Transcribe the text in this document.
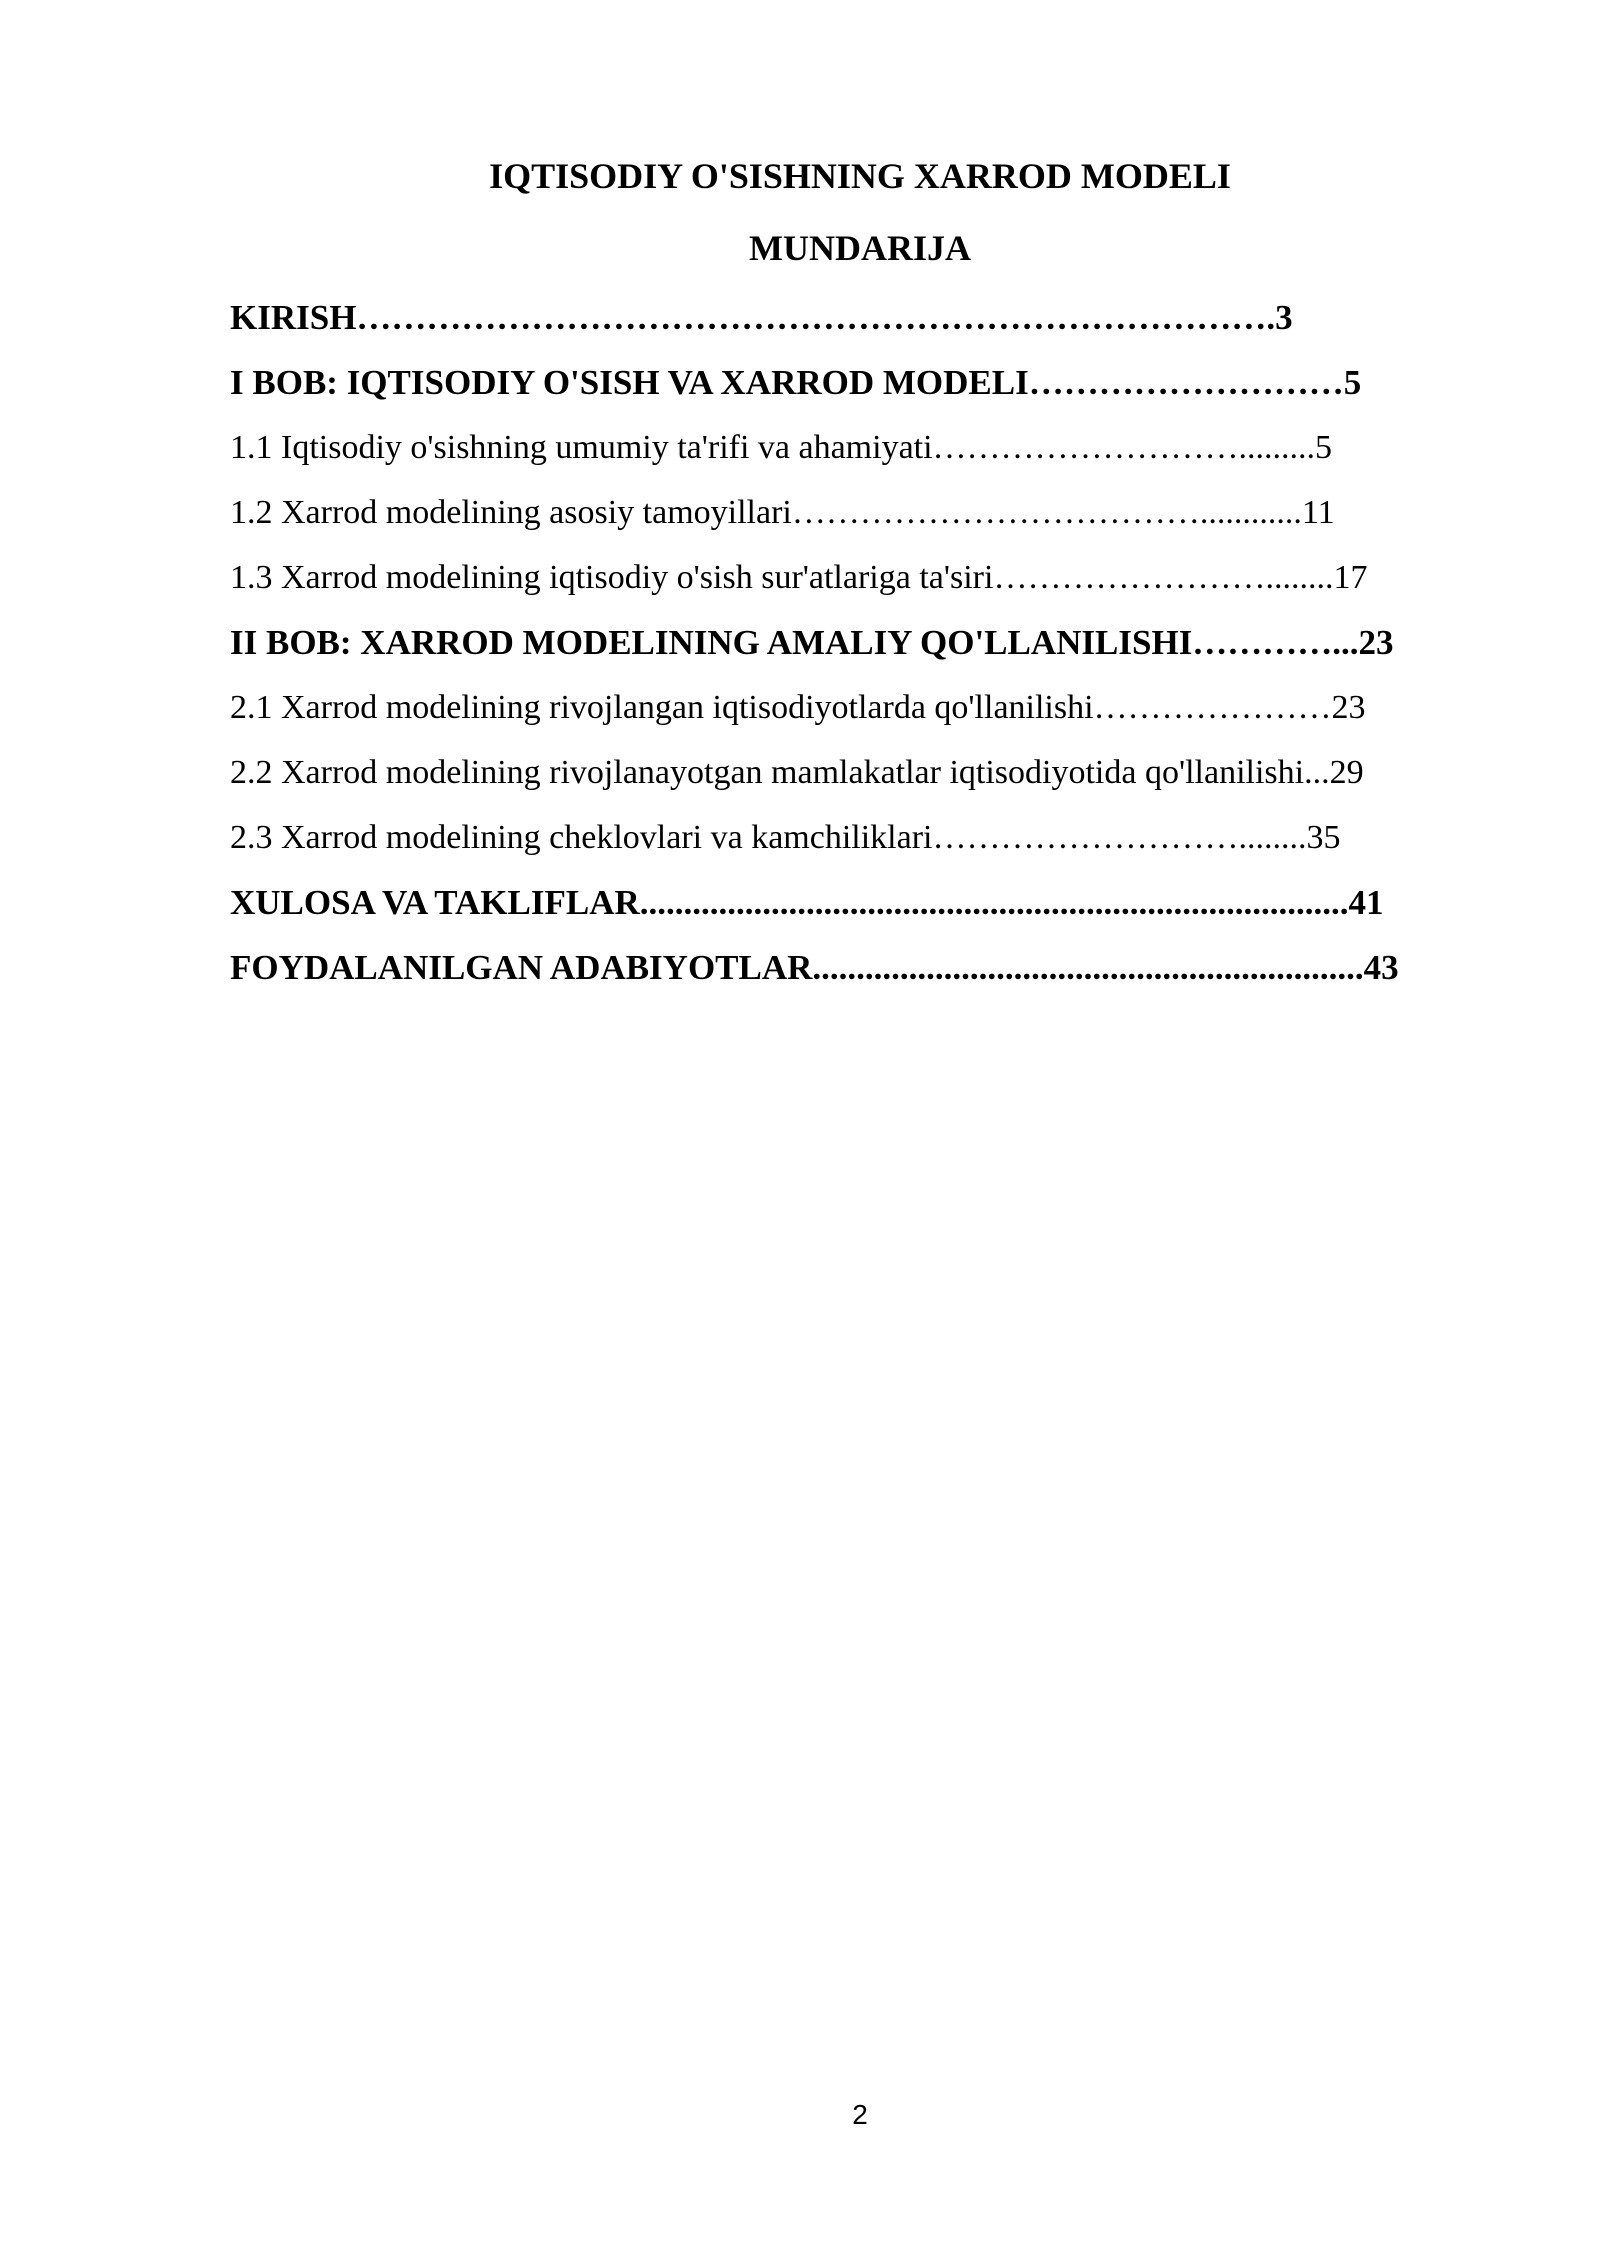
IQTISODIY O'SISHNING XARROD MODELI
MUNDARIJA
KIRISH…………………………………………………………………….3
I BOB: IQTISODIY O'SISH VA XARROD MODELI………………………5
1.1 Iqtisodiy o'sishning umumiy ta'rifi va ahamiyati……………………….........5
1.2 Xarrod modelining asosiy tamoyillari………………………………............11
1.3 Xarrod modelining iqtisodiy o'sish sur'atlariga ta'siri……………………........17
II BOB: XARROD MODELINING AMALIY QO'LLANILISHI…………...23
2.1 Xarrod modelining rivojlangan iqtisodiyotlarda qo'llanilishi…………………23
2.2 Xarrod modelining rivojlanayotgan mamlakatlar iqtisodiyotida qo'llanilishi...29
2.3 Xarrod modelining cheklovlari va kamchiliklari………………………........35
XULOSA VA TAKLIFLAR.................................................................................41
FOYDALANILGAN ADABIYOTLAR...............................................................43
2
